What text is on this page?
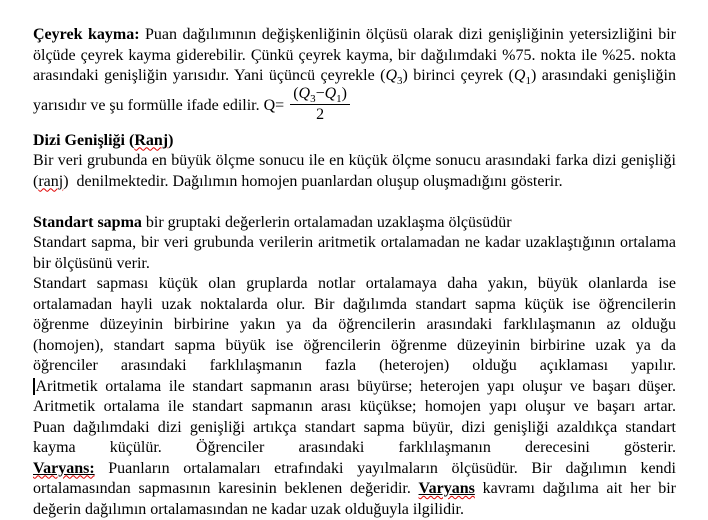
Çeyrek kayma: Puan dağılımının değişkenliğinin ölçüsü olarak dizi genişliğinin yetersizliğini bir ölçüde çeyrek kayma giderebilir. Çünkü çeyrek kayma, bir dağılımdaki %75. nokta ile %25. nokta arasındaki genişliğin yarısıdır. Yani üçüncü çeyrekle $(Q_3)$ birinci çeyrek $(Q_1)$ arasındaki genişliğin yarısıdır ve şu formülle ifade edilir. $Q= \frac{(Q_3-Q_1)}{2}$

Dizi Genişliği (Ranj)

Bir veri grubunda en büyük ölçme sonucu ile en küçük ölçme sonucu arasındaki farka dizi genişliği (ranj)  denilmektedir. Dağılımın homojen puanlardan oluşup oluşmadığını gösterir.

Standart sapma bir gruptaki değerlerin ortalamadan uzaklaşma ölçüsüdür

Standart sapma, bir veri grubunda verilerin aritmetik ortalamadan ne kadar uzaklaştığının ortalama bir ölçüsünü verir.

Standart sapması küçük olan gruplarda notlar ortalamaya daha yakın, büyük olanlarda ise ortalamadan hayli uzak noktalarda olur. Bir dağılımda standart sapma küçük ise öğrencilerin öğrenme düzeyinin birbirine yakın ya da öğrencilerin arasındaki farklılaşmanın az olduğu (homojen), standart sapma büyük ise öğrencilerin öğrenme düzeyinin birbirine uzak ya da öğrenciler arasındaki farklılaşmanın fazla (heterojen) olduğu açıklaması yapılır.

Aritmetik ortalama ile standart sapmanın arası büyürse; heterojen yapı oluşur ve başarı düşer. Aritmetik ortalama ile standart sapmanın arası küçükse; homojen yapı oluşur ve başarı artar.

Puan dağılımdaki dizi genişliği artıkça standart sapma büyür, dizi genişliği azaldıkça standart kayma küçülür. Öğrenciler arasındaki farklılaşmanın derecesini gösterir.

Varyans: Puanların ortalamaları etrafındaki yayılmaların ölçüsüdür. Bir dağılımın kendi ortalamasından sapmasının karesinin beklenen değeridir. Varyans kavramı dağılıma ait her bir değerin dağılımın ortalamasından ne kadar uzak olduğuyla ilgilidir.
